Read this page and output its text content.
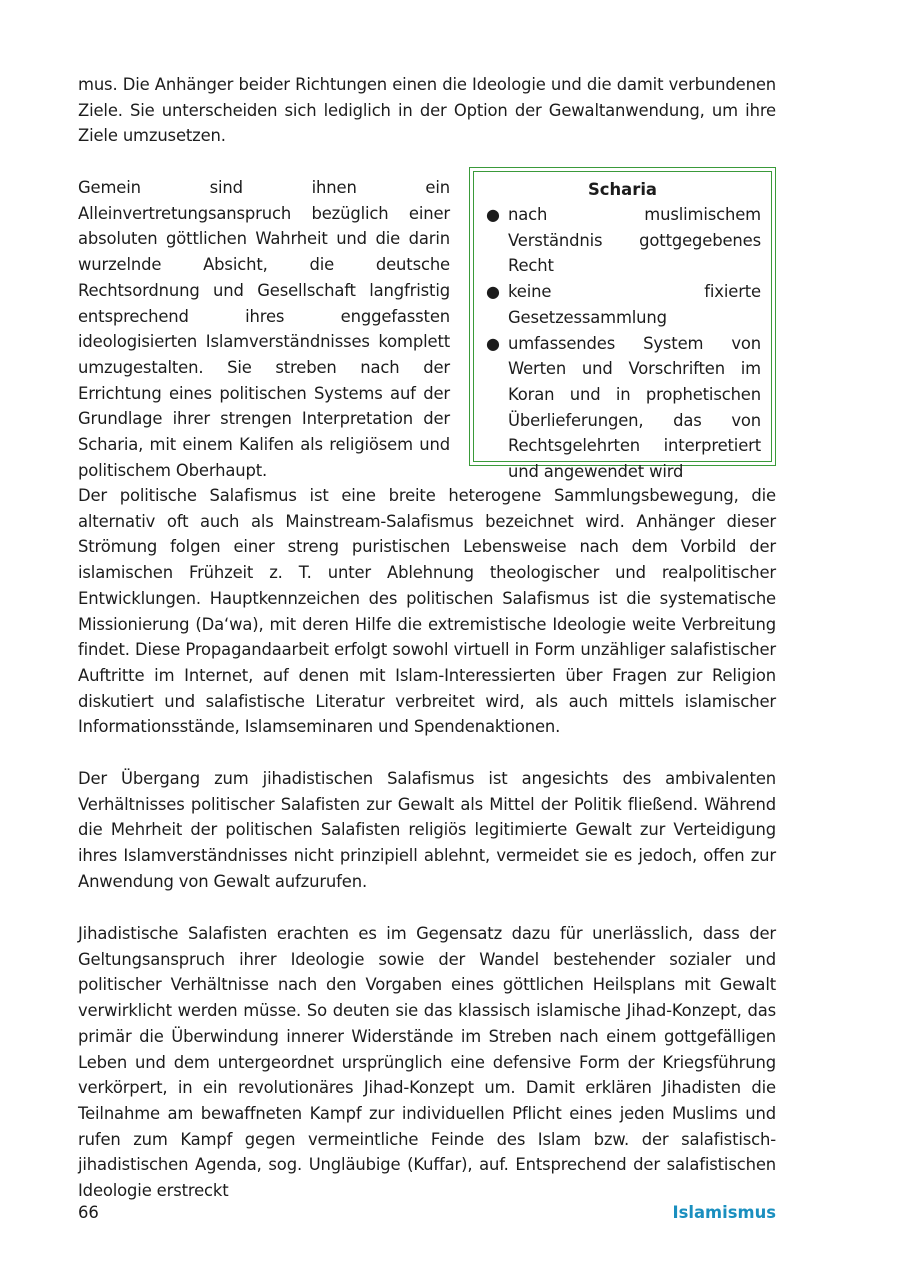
mus. Die Anhänger beider Richtungen einen die Ideologie und die damit verbundenen Ziele. Sie unterscheiden sich lediglich in der Option der Gewaltanwendung, um ihre Ziele umzusetzen.

Gemein sind ihnen ein Alleinvertretungsanspruch bezüglich einer absoluten göttlichen Wahrheit und die darin wurzelnde Absicht, die deutsche Rechtsordnung und Gesellschaft langfristig entsprechend ihres enggefassten ideologisierten Islamverständnisses komplett umzugestalten. Sie streben nach der Errichtung eines politischen Systems auf der Grundlage ihrer strengen Interpretation der Scharia, mit einem Kalifen als religiösem und politischem Oberhaupt.

Scharia
● nach muslimischem Verständnis gottgegebenes Recht
● keine fixierte Gesetzessammlung
● umfassendes System von Werten und Vorschriften im Koran und in prophetischen Überlieferungen, das von Rechtsgelehrten interpretiert und angewendet wird

Der politische Salafismus ist eine breite heterogene Sammlungsbewegung, die alternativ oft auch als Mainstream-Salafismus bezeichnet wird. Anhänger dieser Strömung folgen einer streng puristischen Lebensweise nach dem Vorbild der islamischen Frühzeit z. T. unter Ablehnung theologischer und realpolitischer Entwicklungen. Hauptkennzeichen des politischen Salafismus ist die systematische Missionierung (Da‘wa), mit deren Hilfe die extremistische Ideologie weite Verbreitung findet. Diese Propagandaarbeit erfolgt sowohl virtuell in Form unzähliger salafistischer Auftritte im Internet, auf denen mit Islam-Interessierten über Fragen zur Religion diskutiert und salafistische Literatur verbreitet wird, als auch mittels islamischer Informationsstände, Islamseminaren und Spendenaktionen.

Der Übergang zum jihadistischen Salafismus ist angesichts des ambivalenten Verhältnisses politischer Salafisten zur Gewalt als Mittel der Politik fließend. Während die Mehrheit der politischen Salafisten religiös legitimierte Gewalt zur Verteidigung ihres Islamverständnisses nicht prinzipiell ablehnt, vermeidet sie es jedoch, offen zur Anwendung von Gewalt aufzurufen.

Jihadistische Salafisten erachten es im Gegensatz dazu für unerlässlich, dass der Geltungsanspruch ihrer Ideologie sowie der Wandel bestehender sozialer und politischer Verhältnisse nach den Vorgaben eines göttlichen Heilsplans mit Gewalt verwirklicht werden müsse. So deuten sie das klassisch islamische Jihad-Konzept, das primär die Überwindung innerer Widerstände im Streben nach einem gottgefälligen Leben und dem untergeordnet ursprünglich eine defensive Form der Kriegsführung verkörpert, in ein revolutionäres Jihad-Konzept um. Damit erklären Jihadisten die Teilnahme am bewaffneten Kampf zur individuellen Pflicht eines jeden Muslims und rufen zum Kampf gegen vermeintliche Feinde des Islam bzw. der salafistisch-jihadistischen Agenda, sog. Ungläubige (Kuffar), auf. Entsprechend der salafistischen Ideologie erstreckt

66	Islamismus
